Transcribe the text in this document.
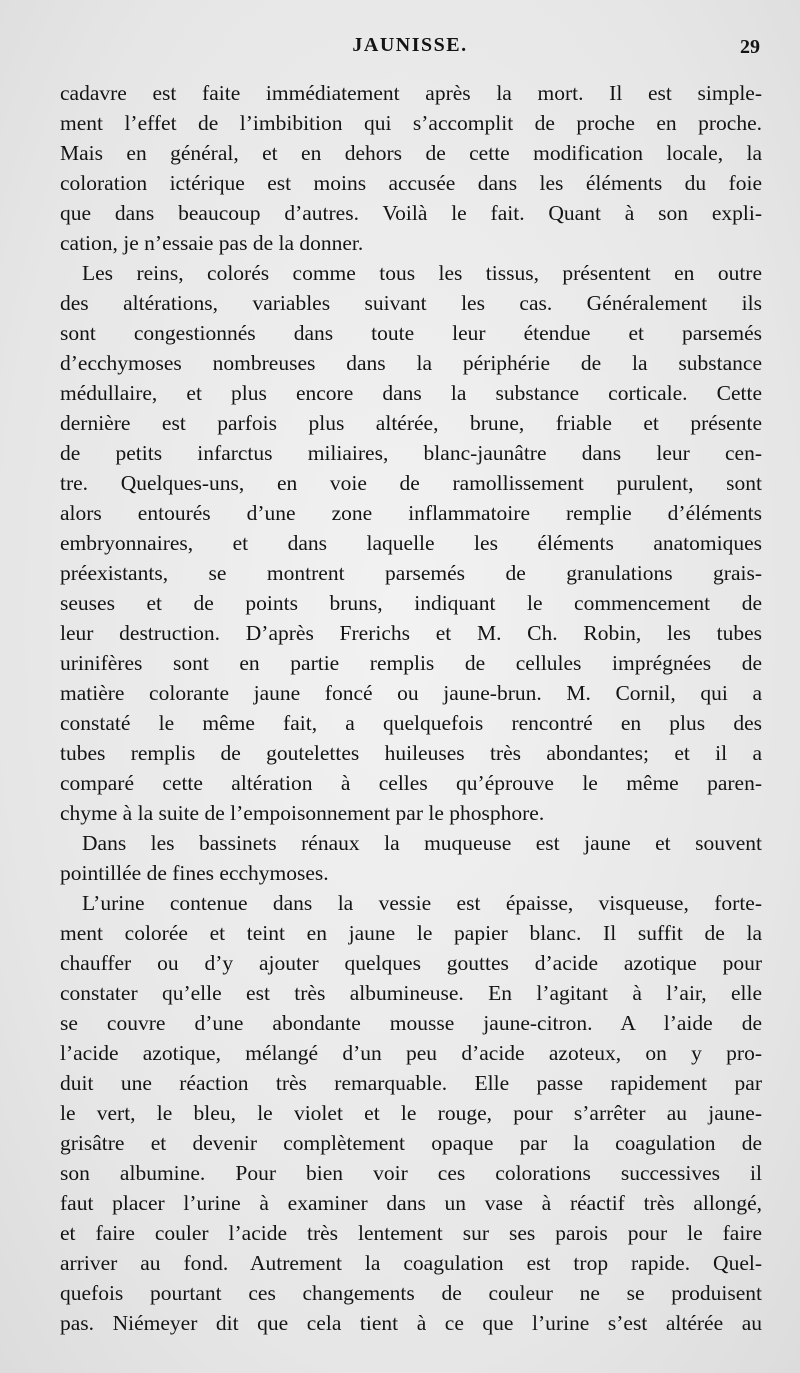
JAUNISSE.	29
cadavre est faite immédiatement après la mort. Il est simple-
ment l’effet de l’imbibition qui s’accomplit de proche en proche.
Mais en général, et en dehors de cette modification locale, la
coloration ictérique est moins accusée dans les éléments du foie
que dans beaucoup d’autres. Voilà le fait. Quant à son expli-
cation, je n’essaie pas de la donner.
Les reins, colorés comme tous les tissus, présentent en outre
des altérations, variables suivant les cas. Généralement ils
sont congestionnés dans toute leur étendue et parsemés
d’ecchymoses nombreuses dans la périphérie de la substance
médullaire, et plus encore dans la substance corticale. Cette
dernière est parfois plus altérée, brune, friable et présente
de petits infarctus miliaires, blanc-jaunâtre dans leur cen-
tre. Quelques-uns, en voie de ramollissement purulent, sont
alors entourés d’une zone inflammatoire remplie d’éléments
embryonnaires, et dans laquelle les éléments anatomiques
préexistants, se montrent parsemés de granulations grais-
seuses et de points bruns, indiquant le commencement de
leur destruction. D’après Frerichs et M. Ch. Robin, les tubes
urinifères sont en partie remplis de cellules imprégnées de
matière colorante jaune foncé ou jaune-brun. M. Cornil, qui a
constaté le même fait, a quelquefois rencontré en plus des
tubes remplis de goutelettes huileuses très abondantes; et il a
comparé cette altération à celles qu’éprouve le même paren-
chyme à la suite de l’empoisonnement par le phosphore.
Dans les bassinets rénaux la muqueuse est jaune et souvent
pointillée de fines ecchymoses.
L’urine contenue dans la vessie est épaisse, visqueuse, forte-
ment colorée et teint en jaune le papier blanc. Il suffit de la
chauffer ou d’y ajouter quelques gouttes d’acide azotique pour
constater qu’elle est très albumineuse. En l’agitant à l’air, elle
se couvre d’une abondante mousse jaune-citron. A l’aide de
l’acide azotique, mélangé d’un peu d’acide azoteux, on y pro-
duit une réaction très remarquable. Elle passe rapidement par
le vert, le bleu, le violet et le rouge, pour s’arrêter au jaune-
grisâtre et devenir complètement opaque par la coagulation de
son albumine. Pour bien voir ces colorations successives il
faut placer l’urine à examiner dans un vase à réactif très allongé,
et faire couler l’acide très lentement sur ses parois pour le faire
arriver au fond. Autrement la coagulation est trop rapide. Quel-
quefois pourtant ces changements de couleur ne se produisent
pas. Niémeyer dit que cela tient à ce que l’urine s’est altérée au
